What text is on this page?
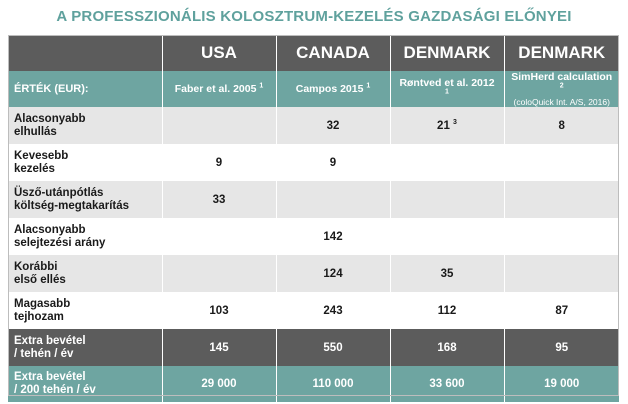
A PROFESSZIONÁLIS KOLOSZTRUM-KEZELÉS GAZDASÁGI ELŐNYEI
	USA	CANADA	DENMARK	DENMARK
ÉRTÉK (EUR):	Faber et al. 2005 $^1$	Campos 2015 $^1$	Røntved et al. 2012 $^1$	SimHerd calculation $^2$
(coloQuick Int. A/S, 2016)

Alacsonyabb
elhullás		32	21 $^3$	8
Kevesebb
kezelés	9	9		
Üsző-utánpótlás
költség-megtakarítás	33			
Alacsonyabb
selejtezési arány		142		
Korábbi
első ellés		124	35	
Magasabb
tejhozam	103	243	112	87
Extra bevétel
/ tehén / év	145	550	168	95
Extra bevétel
/ 200 tehén / év	29 000	110 000	33 600	19 000
